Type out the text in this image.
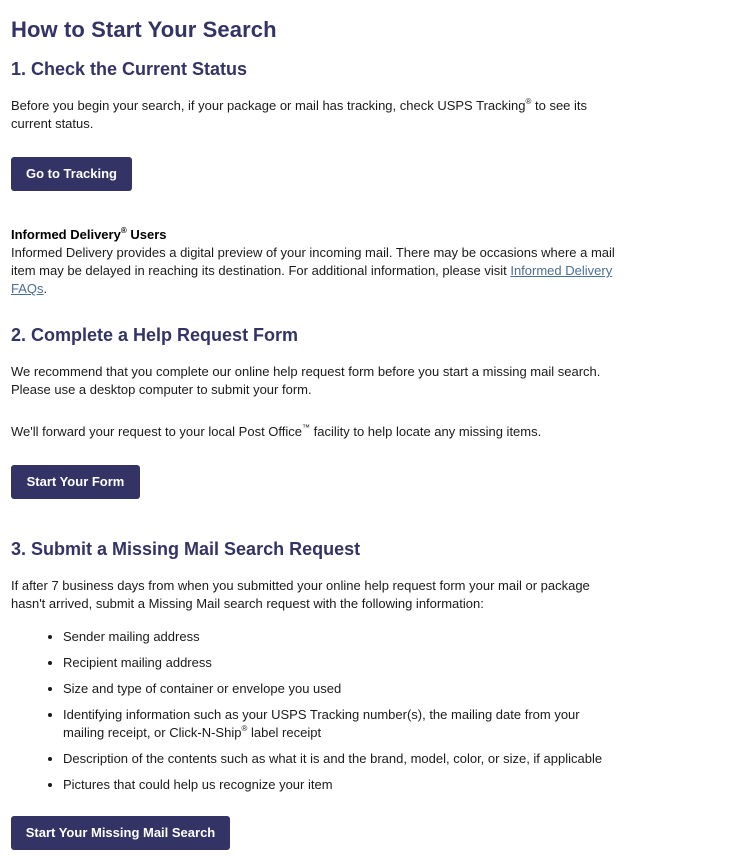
How to Start Your Search
1. Check the Current Status

Before you begin your search, if your package or mail has tracking, check USPS Tracking® to see its current status.

Go to Tracking

Informed Delivery® Users
Informed Delivery provides a digital preview of your incoming mail. There may be occasions where a mail item may be delayed in reaching its destination. For additional information, please visit Informed Delivery FAQs.

2. Complete a Help Request Form

We recommend that you complete our online help request form before you start a missing mail search. Please use a desktop computer to submit your form.

We'll forward your request to your local Post Office™ facility to help locate any missing items.

Start Your Form
3. Submit a Missing Mail Search Request

If after 7 business days from when you submitted your online help request form your mail or package hasn't arrived, submit a Missing Mail search request with the following information:

• Sender mailing address
• Recipient mailing address
• Size and type of container or envelope you used
• Identifying information such as your USPS Tracking number(s), the mailing date from your mailing receipt, or Click-N-Ship® label receipt
• Description of the contents such as what it is and the brand, model, color, or size, if applicable
• Pictures that could help us recognize your item
Start Your Missing Mail Search
